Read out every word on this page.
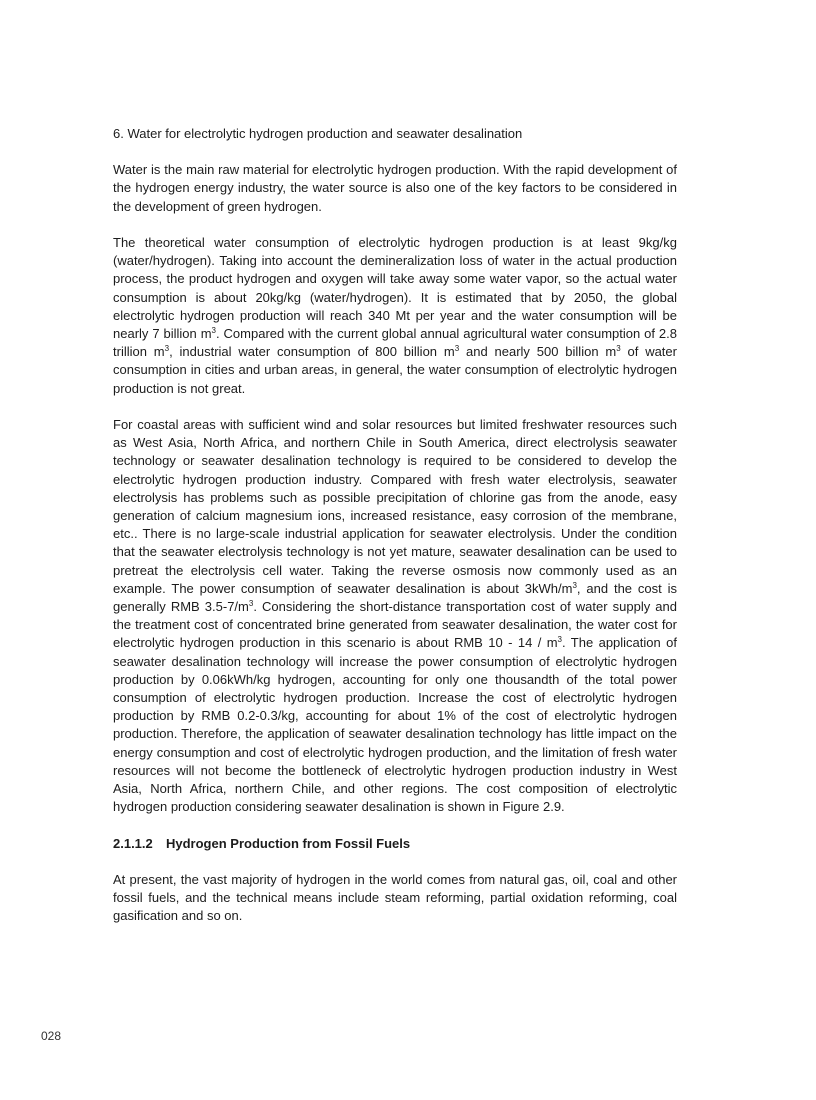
6. Water for electrolytic hydrogen production and seawater desalination

Water is the main raw material for electrolytic hydrogen production. With the rapid development of the hydrogen energy industry, the water source is also one of the key factors to be considered in the development of green hydrogen.

The theoretical water consumption of electrolytic hydrogen production is at least 9kg/kg (water/hydrogen). Taking into account the demineralization loss of water in the actual production process, the product hydrogen and oxygen will take away some water vapor, so the actual water consumption is about 20kg/kg (water/hydrogen). It is estimated that by 2050, the global electrolytic hydrogen production will reach 340 Mt per year and the water consumption will be nearly 7 billion $m^3$. Compared with the current global annual agricultural water consumption of 2.8 trillion $m^3$, industrial water consumption of 800 billion $m^3$ and nearly 500 billion $m^3$ of water consumption in cities and urban areas, in general, the water consumption of electrolytic hydrogen production is not great.

For coastal areas with sufficient wind and solar resources but limited freshwater resources such as West Asia, North Africa, and northern Chile in South America, direct electrolysis seawater technology or seawater desalination technology is required to be considered to develop the electrolytic hydrogen production industry. Compared with fresh water electrolysis, seawater electrolysis has problems such as possible precipitation of chlorine gas from the anode, easy generation of calcium magnesium ions, increased resistance, easy corrosion of the membrane, etc.. There is no large-scale industrial application for seawater electrolysis. Under the condition that the seawater electrolysis technology is not yet mature, seawater desalination can be used to pretreat the electrolysis cell water. Taking the reverse osmosis now commonly used as an example. The power consumption of seawater desalination is about $3kWh/m^3$, and the cost is generally RMB $3.5-7/m^3$. Considering the short-distance transportation cost of water supply and the treatment cost of concentrated brine generated from seawater desalination, the water cost for electrolytic hydrogen production in this scenario is about RMB $10 - 14 / m^3$. The application of seawater desalination technology will increase the power consumption of electrolytic hydrogen production by 0.06kWh/kg hydrogen, accounting for only one thousandth of the total power consumption of electrolytic hydrogen production. Increase the cost of electrolytic hydrogen production by RMB 0.2-0.3/kg, accounting for about 1% of the cost of electrolytic hydrogen production. Therefore, the application of seawater desalination technology has little impact on the energy consumption and cost of electrolytic hydrogen production, and the limitation of fresh water resources will not become the bottleneck of electrolytic hydrogen production industry in West Asia, North Africa, northern Chile, and other regions. The cost composition of electrolytic hydrogen production considering seawater desalination is shown in Figure 2.9.

2.1.1.2 Hydrogen Production from Fossil Fuels

At present, the vast majority of hydrogen in the world comes from natural gas, oil, coal and other fossil fuels, and the technical means include steam reforming, partial oxidation reforming, coal gasification and so on.

028
